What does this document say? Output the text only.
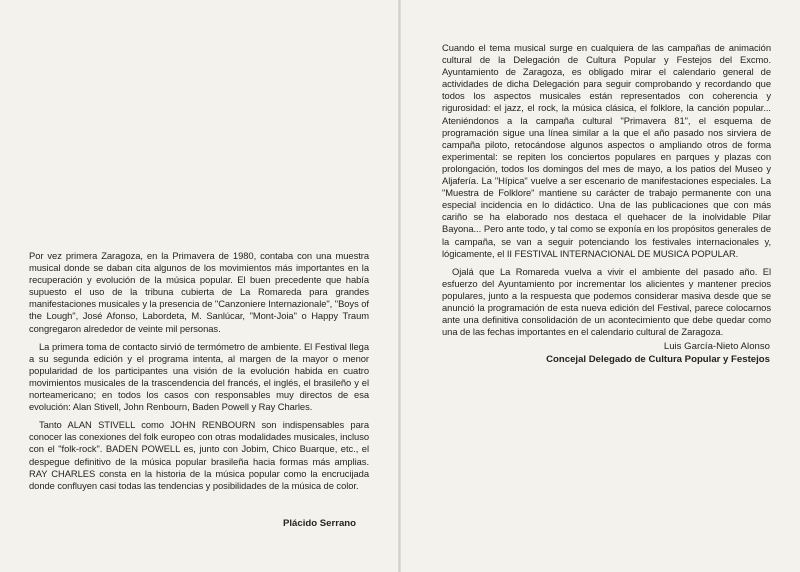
Por vez primera Zaragoza, en la Primavera de 1980, contaba con una muestra musical donde se daban cita algunos de los movimientos más importantes en la recuperación y evolución de la música popular. El buen precedente que había supuesto el uso de la tribuna cubierta de La Romareda para grandes manifestaciones musicales y la presencia de "Canzoniere Internazionale", "Boys of the Lough", José Afonso, Labordeta, M. Sanlúcar, "Mont-Joia" o Happy Traum congregaron alrededor de veinte mil personas.

La primera toma de contacto sirvió de termómetro de ambiente. El Festival llega a su segunda edición y el programa intenta, al margen de la mayor o menor popularidad de los participantes una visión de la evolución habida en cuatro movimientos musicales de la trascendencia del francés, el inglés, el brasileño y el norteamericano; en todos los casos con responsables muy directos de esa evolución: Alan Stivell, John Renbourn, Baden Powell y Ray Charles.

Tanto ALAN STIVELL como JOHN RENBOURN son indispensables para conocer las conexiones del folk europeo con otras modalidades musicales, incluso con el "folk-rock". BADEN POWELL es, junto con Jobim, Chico Buarque, etc., el despegue definitivo de la música popular brasileña hacia formas más amplias. RAY CHARLES consta en la historia de la música popular como la encrucijada donde confluyen casi todas las tendencias y posibilidades de la música de color.

Plácido Serrano

Cuando el tema musical surge en cualquiera de las campañas de animación cultural de la Delegación de Cultura Popular y Festejos del Excmo. Ayuntamiento de Zaragoza, es obligado mirar el calendario general de actividades de dicha Delegación para seguir comprobando y recordando que todos los aspectos musicales están representados con coherencia y rigurosidad: el jazz, el rock, la música clásica, el folklore, la canción popular... Ateniéndonos a la campaña cultural "Primavera 81", el esquema de programación sigue una línea similar a la que el año pasado nos sirviera de campaña piloto, retocándose algunos aspectos o ampliando otros de forma experimental: se repiten los conciertos populares en parques y plazas con prolongación, todos los domingos del mes de mayo, a los patios del Museo y Aljafería. La "Hípica" vuelve a ser escenario de manifestaciones especiales. La "Muestra de Folklore" mantiene su carácter de trabajo permanente con una especial incidencia en lo didáctico. Una de las publicaciones que con más cariño se ha elaborado nos destaca el quehacer de la inolvidable Pilar Bayona... Pero ante todo, y tal como se exponía en los propósitos generales de la campaña, se van a seguir potenciando los festivales internacionales y, lógicamente, el II FESTIVAL INTERNACIONAL DE MUSICA POPULAR.

Ojalá que La Romareda vuelva a vivir el ambiente del pasado año. El esfuerzo del Ayuntamiento por incrementar los alicientes y mantener precios populares, junto a la respuesta que podemos considerar masiva desde que se anunció la programación de esta nueva edición del Festival, parece colocarnos ante una definitiva consolidación de un acontecimiento que debe quedar como una de las fechas importantes en el calendario cultural de Zaragoza.

Luis García-Nieto Alonso
Concejal Delegado de Cultura Popular y Festejos
